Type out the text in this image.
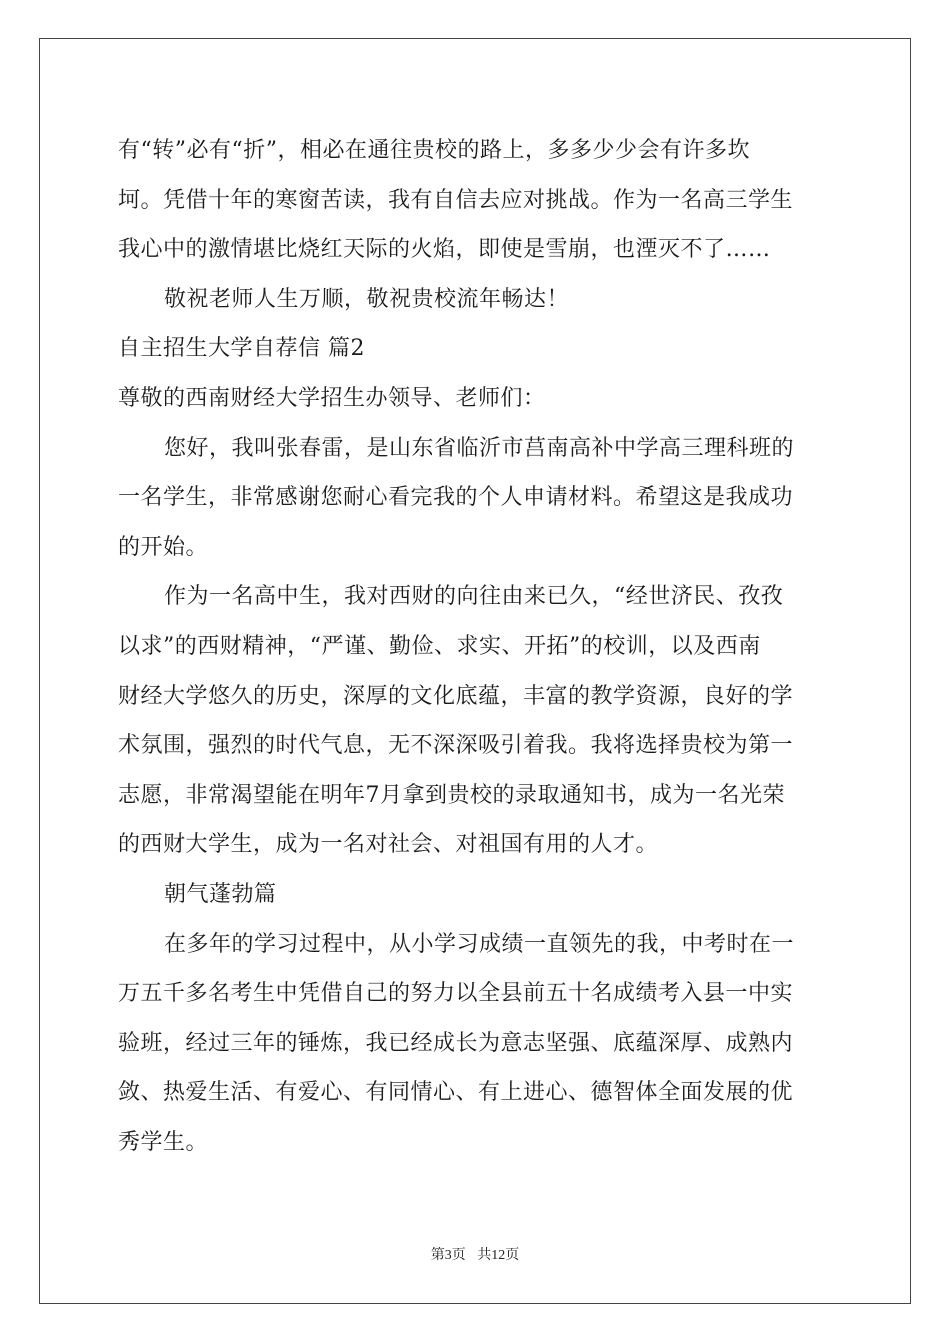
有“转”必有“折”，相必在通往贵校的路上，多多少少会有许多坎
坷。凭借十年的寒窗苦读，我有自信去应对挑战。作为一名高三学生
我心中的激情堪比烧红天际的火焰，即使是雪崩，也湮灭不了……
敬祝老师人生万顺，敬祝贵校流年畅达！
自主招生大学自荐信 篇2
尊敬的西南财经大学招生办领导、老师们：
您好，我叫张春雷，是山东省临沂市莒南高补中学高三理科班的
一名学生，非常感谢您耐心看完我的个人申请材料。希望这是我成功
的开始。
作为一名高中生，我对西财的向往由来已久，“经世济民、孜孜
以求”的西财精神，“严谨、勤俭、求实、开拓”的校训，以及西南
财经大学悠久的历史，深厚的文化底蕴，丰富的教学资源，良好的学
术氛围，强烈的时代气息，无不深深吸引着我。我将选择贵校为第一
志愿，非常渴望能在明年7月拿到贵校的录取通知书，成为一名光荣
的西财大学生，成为一名对社会、对祖国有用的人才。
朝气蓬勃篇
在多年的学习过程中，从小学习成绩一直领先的我，中考时在一
万五千多名考生中凭借自己的努力以全县前五十名成绩考入县一中实
验班，经过三年的锤炼，我已经成长为意志坚强、底蕴深厚、成熟内
敛、热爱生活、有爱心、有同情心、有上进心、德智体全面发展的优
秀学生。
第3页 共12页
